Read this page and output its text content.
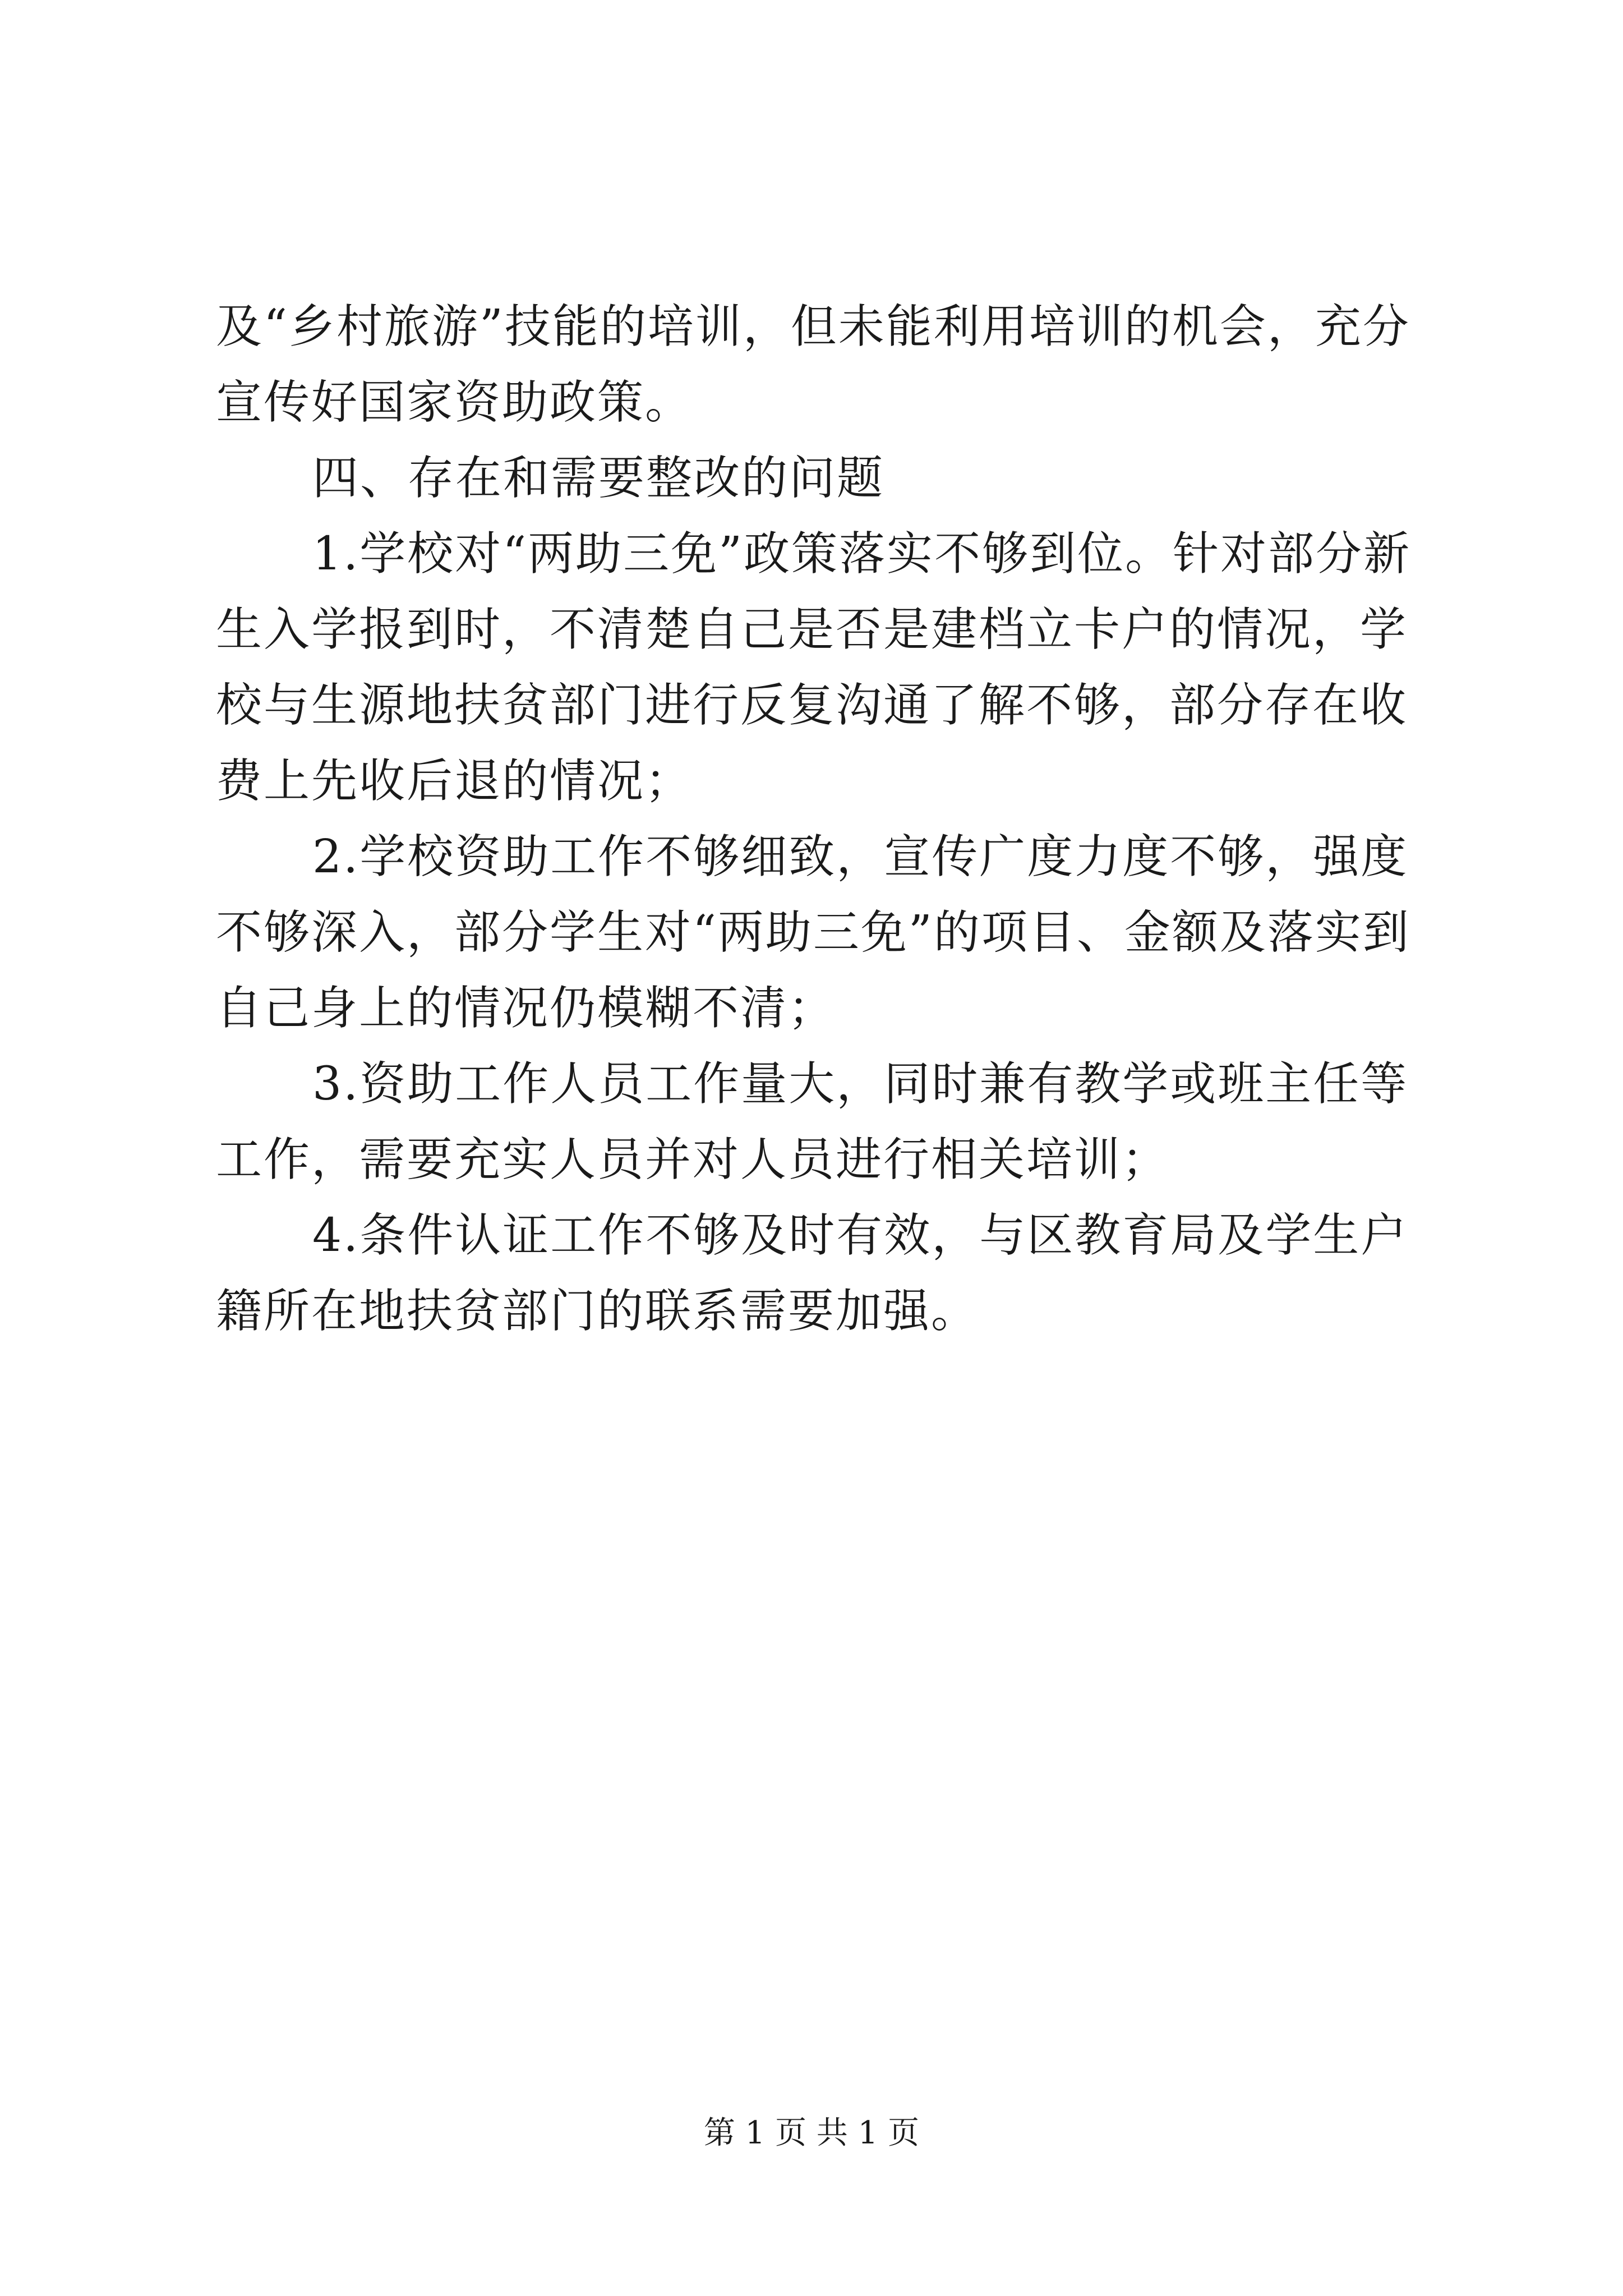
及“乡村旅游”技能的培训，但未能利用培训的机会，充分宣传好国家资助政策。

四、存在和需要整改的问题

1.学校对“两助三免”政策落实不够到位。针对部分新生入学报到时，不清楚自己是否是建档立卡户的情况，学校与生源地扶贫部门进行反复沟通了解不够，部分存在收费上先收后退的情况；

2.学校资助工作不够细致，宣传广度力度不够，强度不够深入，部分学生对“两助三免”的项目、金额及落实到自己身上的情况仍模糊不清；

3.资助工作人员工作量大，同时兼有教学或班主任等工作，需要充实人员并对人员进行相关培训；

4.条件认证工作不够及时有效，与区教育局及学生户籍所在地扶贫部门的联系需要加强。

第 1 页 共 1 页
